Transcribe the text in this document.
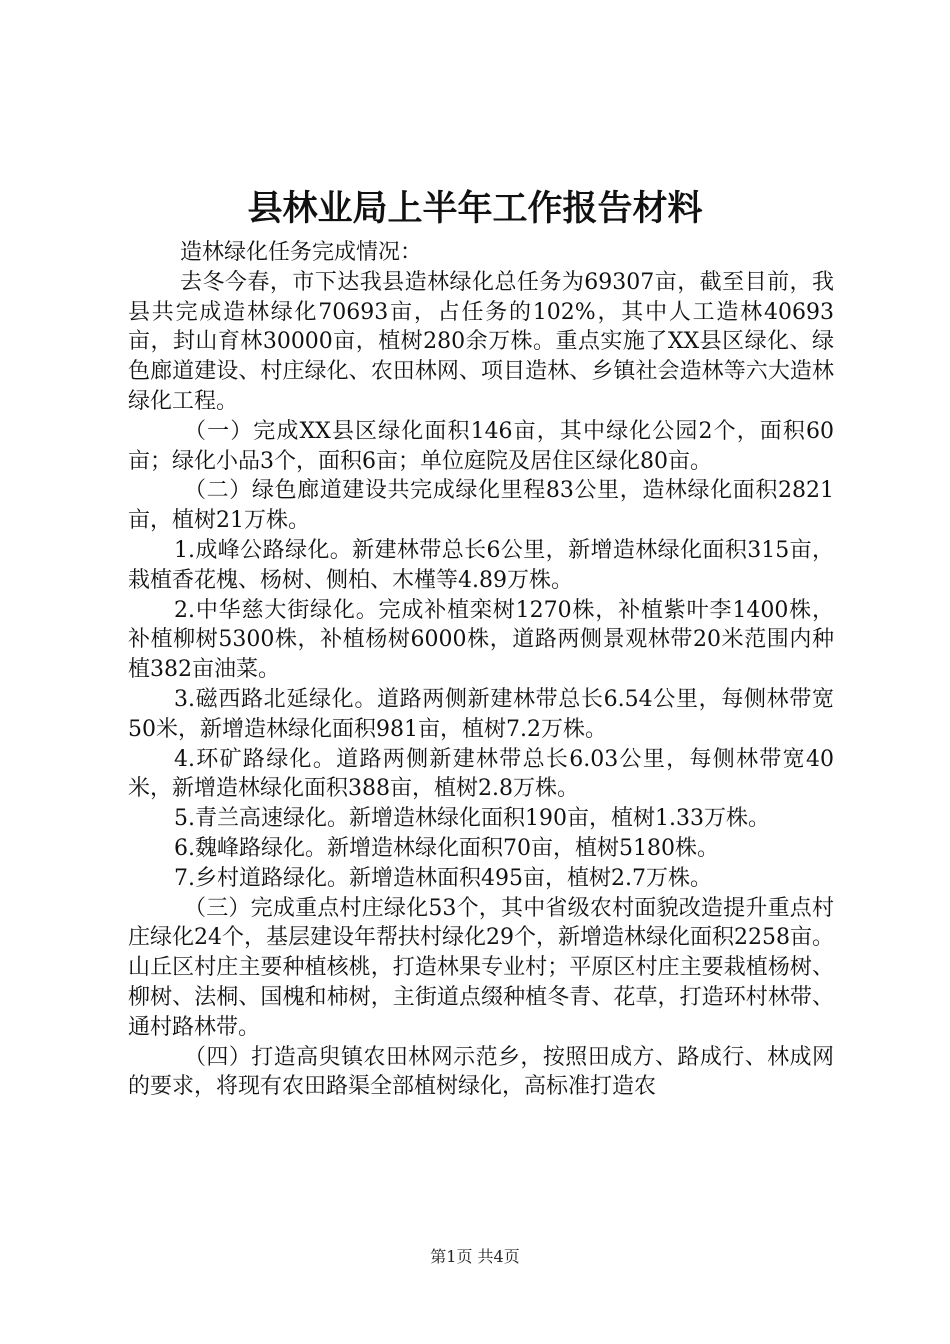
县林业局上半年工作报告材料

造林绿化任务完成情况：

去冬今春，市下达我县造林绿化总任务为69307亩，截至目前，我县共完成造林绿化70693亩，占任务的102%，其中人工造林40693亩，封山育林30000亩，植树280余万株。重点实施了XX县区绿化、绿色廊道建设、村庄绿化、农田林网、项目造林、乡镇社会造林等六大造林绿化工程。

（一）完成XX县区绿化面积146亩，其中绿化公园2个，面积60亩；绿化小品3个，面积6亩；单位庭院及居住区绿化80亩。

（二）绿色廊道建设共完成绿化里程83公里，造林绿化面积2821亩，植树21万株。

1.成峰公路绿化。新建林带总长6公里，新增造林绿化面积315亩，栽植香花槐、杨树、侧柏、木槿等4.89万株。

2.中华慈大街绿化。完成补植栾树1270株，补植紫叶李1400株，补植柳树5300株，补植杨树6000株，道路两侧景观林带20米范围内种植382亩油菜。

3.磁西路北延绿化。道路两侧新建林带总长6.54公里，每侧林带宽50米，新增造林绿化面积981亩，植树7.2万株。

4.环矿路绿化。道路两侧新建林带总长6.03公里，每侧林带宽40米，新增造林绿化面积388亩，植树2.8万株。

5.青兰高速绿化。新增造林绿化面积190亩，植树1.33万株。

6.魏峰路绿化。新增造林绿化面积70亩，植树5180株。

7.乡村道路绿化。新增造林面积495亩，植树2.7万株。

（三）完成重点村庄绿化53个，其中省级农村面貌改造提升重点村庄绿化24个，基层建设年帮扶村绿化29个，新增造林绿化面积2258亩。山丘区村庄主要种植核桃，打造林果专业村；平原区村庄主要栽植杨树、柳树、法桐、国槐和柿树，主街道点缀种植冬青、花草，打造环村林带、通村路林带。

（四）打造高臾镇农田林网示范乡，按照田成方、路成行、林成网的要求，将现有农田路渠全部植树绿化，高标准打造农

第1页 共4页
